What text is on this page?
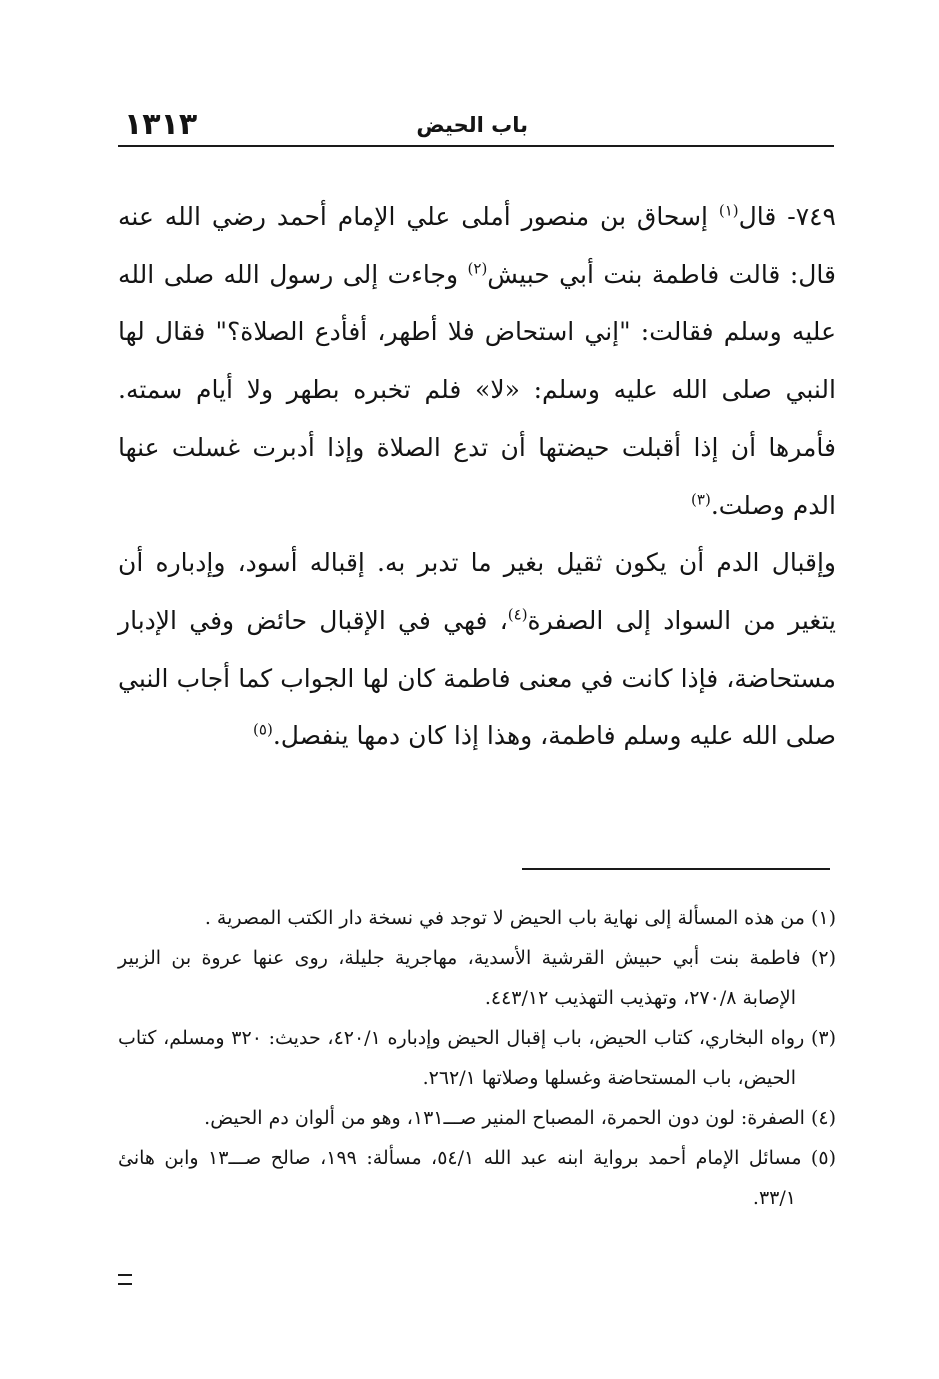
١٣١٣	باب الحيض

٧٤٩- قال$^{(١)}$ إسحاق بن منصور أملى علي الإمام أحمد رضي الله عنه قال: قالت فاطمة بنت أبي حبيش$^{(٢)}$ وجاءت إلى رسول الله صلى الله عليه وسلم فقالت: "إني استحاض فلا أطهر، أفأدع الصلاة؟" فقال لها النبي صلى الله عليه وسلم: «لا» فلم تخبره بطهر ولا أيام سمته. فأمرها أن إذا أقبلت حيضتها أن تدع الصلاة وإذا أدبرت غسلت عنها الدم وصلت.$^{(٣)}$

وإقبال الدم أن يكون ثقيل بغير ما تدبر به. إقباله أسود، وإدباره أن يتغير من السواد إلى الصفرة$^{(٤)}$، فهي في الإقبال حائض وفي الإدبار مستحاضة، فإذا كانت في معنى فاطمة كان لها الجواب كما أجاب النبي صلى الله عليه وسلم فاطمة، وهذا إذا كان دمها ينفصل.$^{(٥)}$

(١) من هذه المسألة إلى نهاية باب الحيض لا توجد في نسخة دار الكتب المصرية .

(٢) فاطمة بنت أبي حبيش القرشية الأسدية، مهاجرية جليلة، روى عنها عروة بن الزبير الإصابة ٢٧٠/٨، وتهذيب التهذيب ٤٤٣/١٢.

(٣) رواه البخاري، كتاب الحيض، باب إقبال الحيض وإدباره ٤٢٠/١، حديث: ٣٢٠ ومسلم، كتاب الحيض، باب المستحاضة وغسلها وصلاتها ٢٦٢/١.

(٤) الصفرة: لون دون الحمرة، المصباح المنير صـــ١٣١، وهو من ألوان دم الحيض.

(٥) مسائل الإمام أحمد برواية ابنه عبد الله ٥٤/١، مسألة: ١٩٩، صالح صـــ١٣ وابن هانئ ٣٣/١.
